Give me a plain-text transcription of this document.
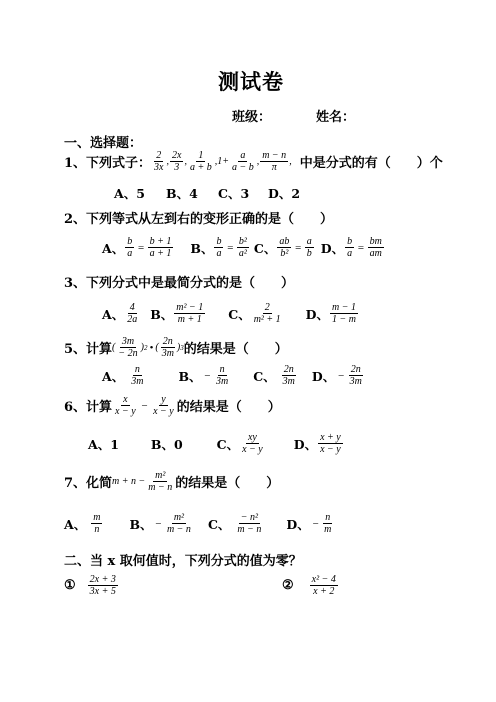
测试卷
班级：	姓名：
一、选择题：
1、下列式子： $\frac{2}{3x}$ , $\frac{2x}{3}$ , $\frac{1}{a + b}$ , $1+ \frac{a}{a - b}$ , $\frac{m - n}{\pi}$ , 中是分式的有（　　）个
A、5 B、4 C、3 D、2
2、下列等式从左到右的变形正确的是（　　）
A、 $\frac{b}{a} = \frac{b + 1}{a + 1}$ B、 $\frac{b}{a} = \frac{\text{b²}}{\text{a²}}$ C、 $\frac{ab}{\text{b²}} = \frac{a}{b}$ D、 $\frac{b}{a} = \frac{bm}{am}$
3、下列分式中是最简分式的是（　　）
A、 $\frac{4}{2a}$ B、 $\frac{\text{m² − 1}}{m + 1}$ C、 $\frac{2}{\text{m² + 1}}$ D、 $\frac{m - 1}{1 - m}$
5、计算 ( $\frac{3m}{- 2n}$ ) 2 • ( $\frac{2n}{3m}$ ) 3 的结果是（　　）
A、 $\frac{n}{3m}$	B、 − $\frac{n}{3m}$ C、 $\frac{2n}{3m}$ D、 − $\frac{2n}{3m}$
6、计算 $\frac{x}{x - y} - \frac{y}{x - y}$ 的结果是（　　）
A、1	B、0	C、 $\frac{xy}{x - y}$ D、 $\frac{x + y}{x - y}$
7、化简 $m + n - \frac{\text{m²}}{m - n}$ 的结果是（　　）
A、 $\frac{m}{n}$ B、 − $\frac{\text{m²}}{m - n}$ C、 $\frac{\text{− n²}}{m - n}$ D、 − $\frac{n}{m}$
二、当 x 取何值时，下列分式的值为零？
① $\frac{2x + 3}{3x + 5}$	② $\frac{\text{x² − 4}}{x + 2}$
